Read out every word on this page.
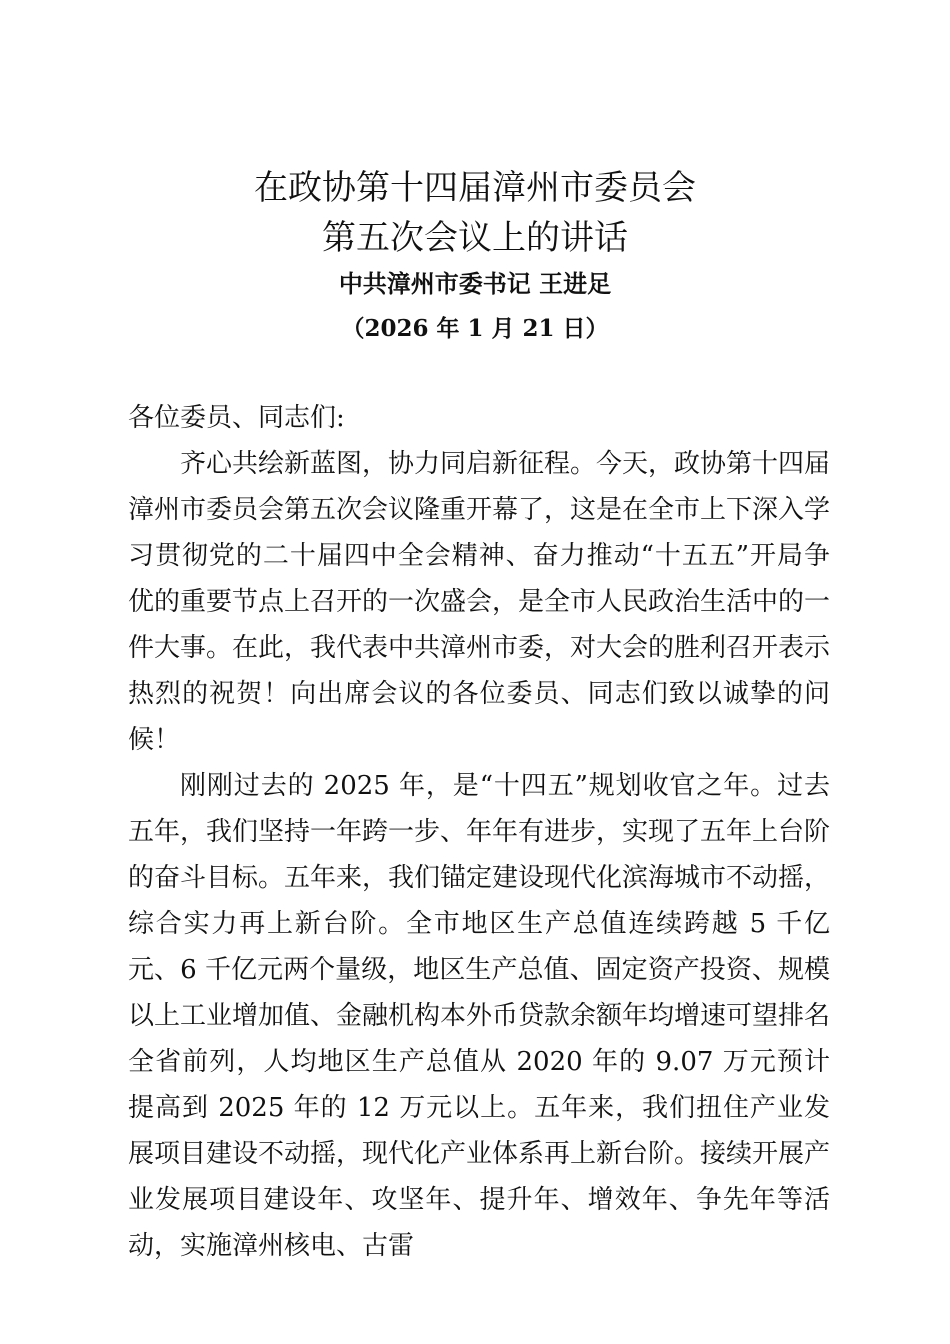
在政协第十四届漳州市委员会
第五次会议上的讲话
中共漳州市委书记 王进足
（2026 年 1 月 21 日）

各位委员、同志们:

齐心共绘新蓝图，协力同启新征程。今天，政协第十四届漳州市委员会第五次会议隆重开幕了，这是在全市上下深入学习贯彻党的二十届四中全会精神、奋力推动“十五五”开局争优的重要节点上召开的一次盛会，是全市人民政治生活中的一件大事。在此，我代表中共漳州市委，对大会的胜利召开表示热烈的祝贺！向出席会议的各位委员、同志们致以诚挚的问候！

刚刚过去的 2025 年，是“十四五”规划收官之年。过去五年，我们坚持一年跨一步、年年有进步，实现了五年上台阶的奋斗目标。五年来，我们锚定建设现代化滨海城市不动摇，综合实力再上新台阶。全市地区生产总值连续跨越 5 千亿元、6 千亿元两个量级，地区生产总值、固定资产投资、规模以上工业增加值、金融机构本外币贷款余额年均增速可望排名全省前列，人均地区生产总值从 2020 年的 9.07 万元预计提高到 2025 年的 12 万元以上。五年来，我们扭住产业发展项目建设不动摇，现代化产业体系再上新台阶。接续开展产业发展项目建设年、攻坚年、提升年、增效年、争先年等活动，实施漳州核电、古雷
